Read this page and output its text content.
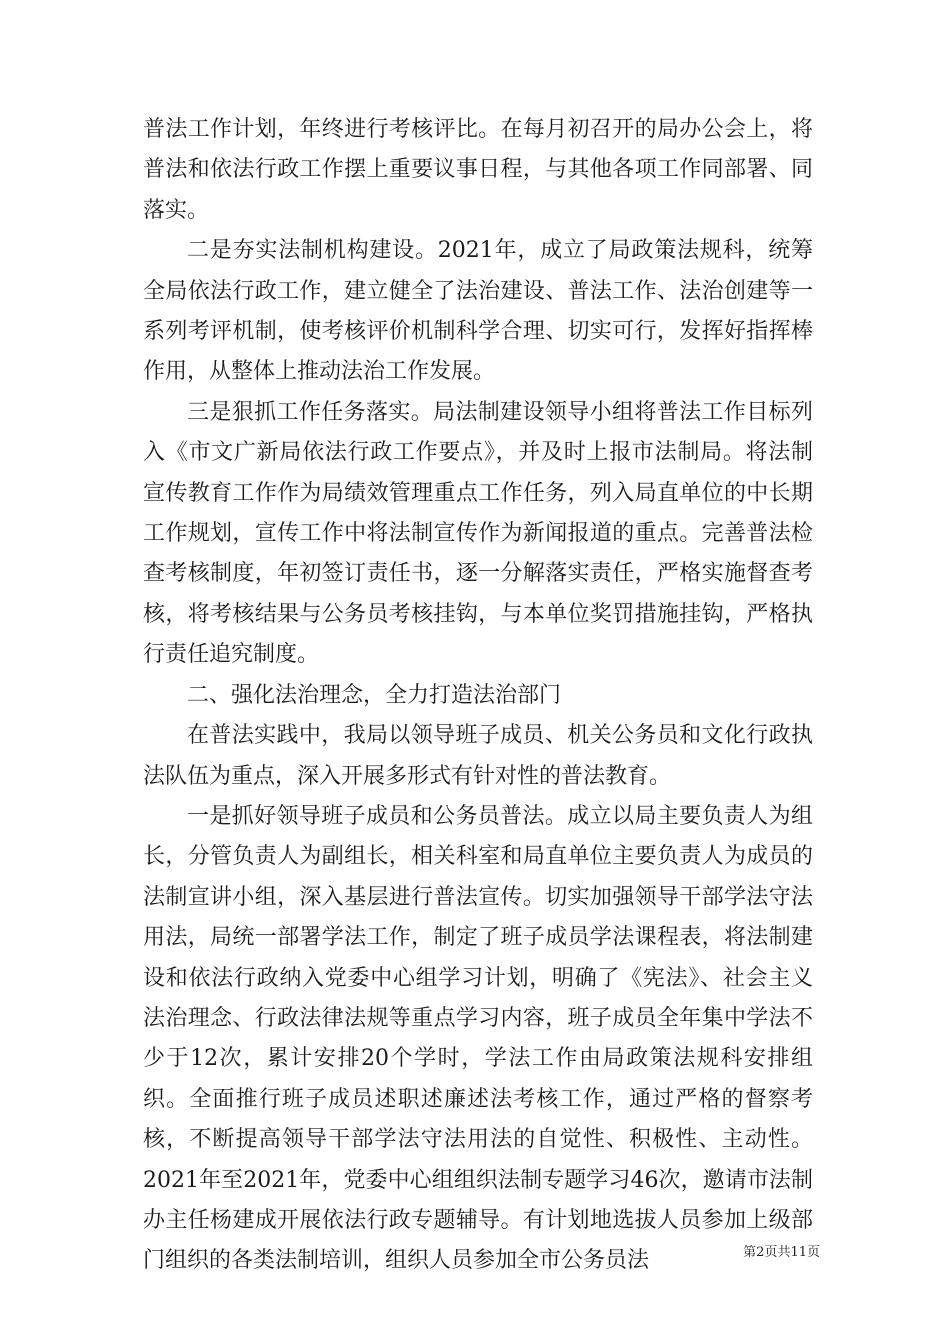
普法工作计划，年终进行考核评比。在每月初召开的局办公会上，将普法和依法行政工作摆上重要议事日程，与其他各项工作同部署、同落实。

二是夯实法制机构建设。2021年，成立了局政策法规科，统筹全局依法行政工作，建立健全了法治建设、普法工作、法治创建等一系列考评机制，使考核评价机制科学合理、切实可行，发挥好指挥棒作用，从整体上推动法治工作发展。

三是狠抓工作任务落实。局法制建设领导小组将普法工作目标列入《市文广新局依法行政工作要点》，并及时上报市法制局。将法制宣传教育工作作为局绩效管理重点工作任务，列入局直单位的中长期工作规划，宣传工作中将法制宣传作为新闻报道的重点。完善普法检查考核制度，年初签订责任书，逐一分解落实责任，严格实施督查考核，将考核结果与公务员考核挂钩，与本单位奖罚措施挂钩，严格执行责任追究制度。

二、强化法治理念，全力打造法治部门

在普法实践中，我局以领导班子成员、机关公务员和文化行政执法队伍为重点，深入开展多形式有针对性的普法教育。

一是抓好领导班子成员和公务员普法。成立以局主要负责人为组长，分管负责人为副组长，相关科室和局直单位主要负责人为成员的法制宣讲小组，深入基层进行普法宣传。切实加强领导干部学法守法用法，局统一部署学法工作，制定了班子成员学法课程表，将法制建设和依法行政纳入党委中心组学习计划，明确了《宪法》、社会主义法治理念、行政法律法规等重点学习内容，班子成员全年集中学法不少于12次，累计安排20个学时，学法工作由局政策法规科安排组织。全面推行班子成员述职述廉述法考核工作，通过严格的督察考核，不断提高领导干部学法守法用法的自觉性、积极性、主动性。2021年至2021年，党委中心组组织法制专题学习46次，邀请市法制办主任杨建成开展依法行政专题辅导。有计划地选拔人员参加上级部门组织的各类法制培训，组织人员参加全市公务员法	第2页共11页
